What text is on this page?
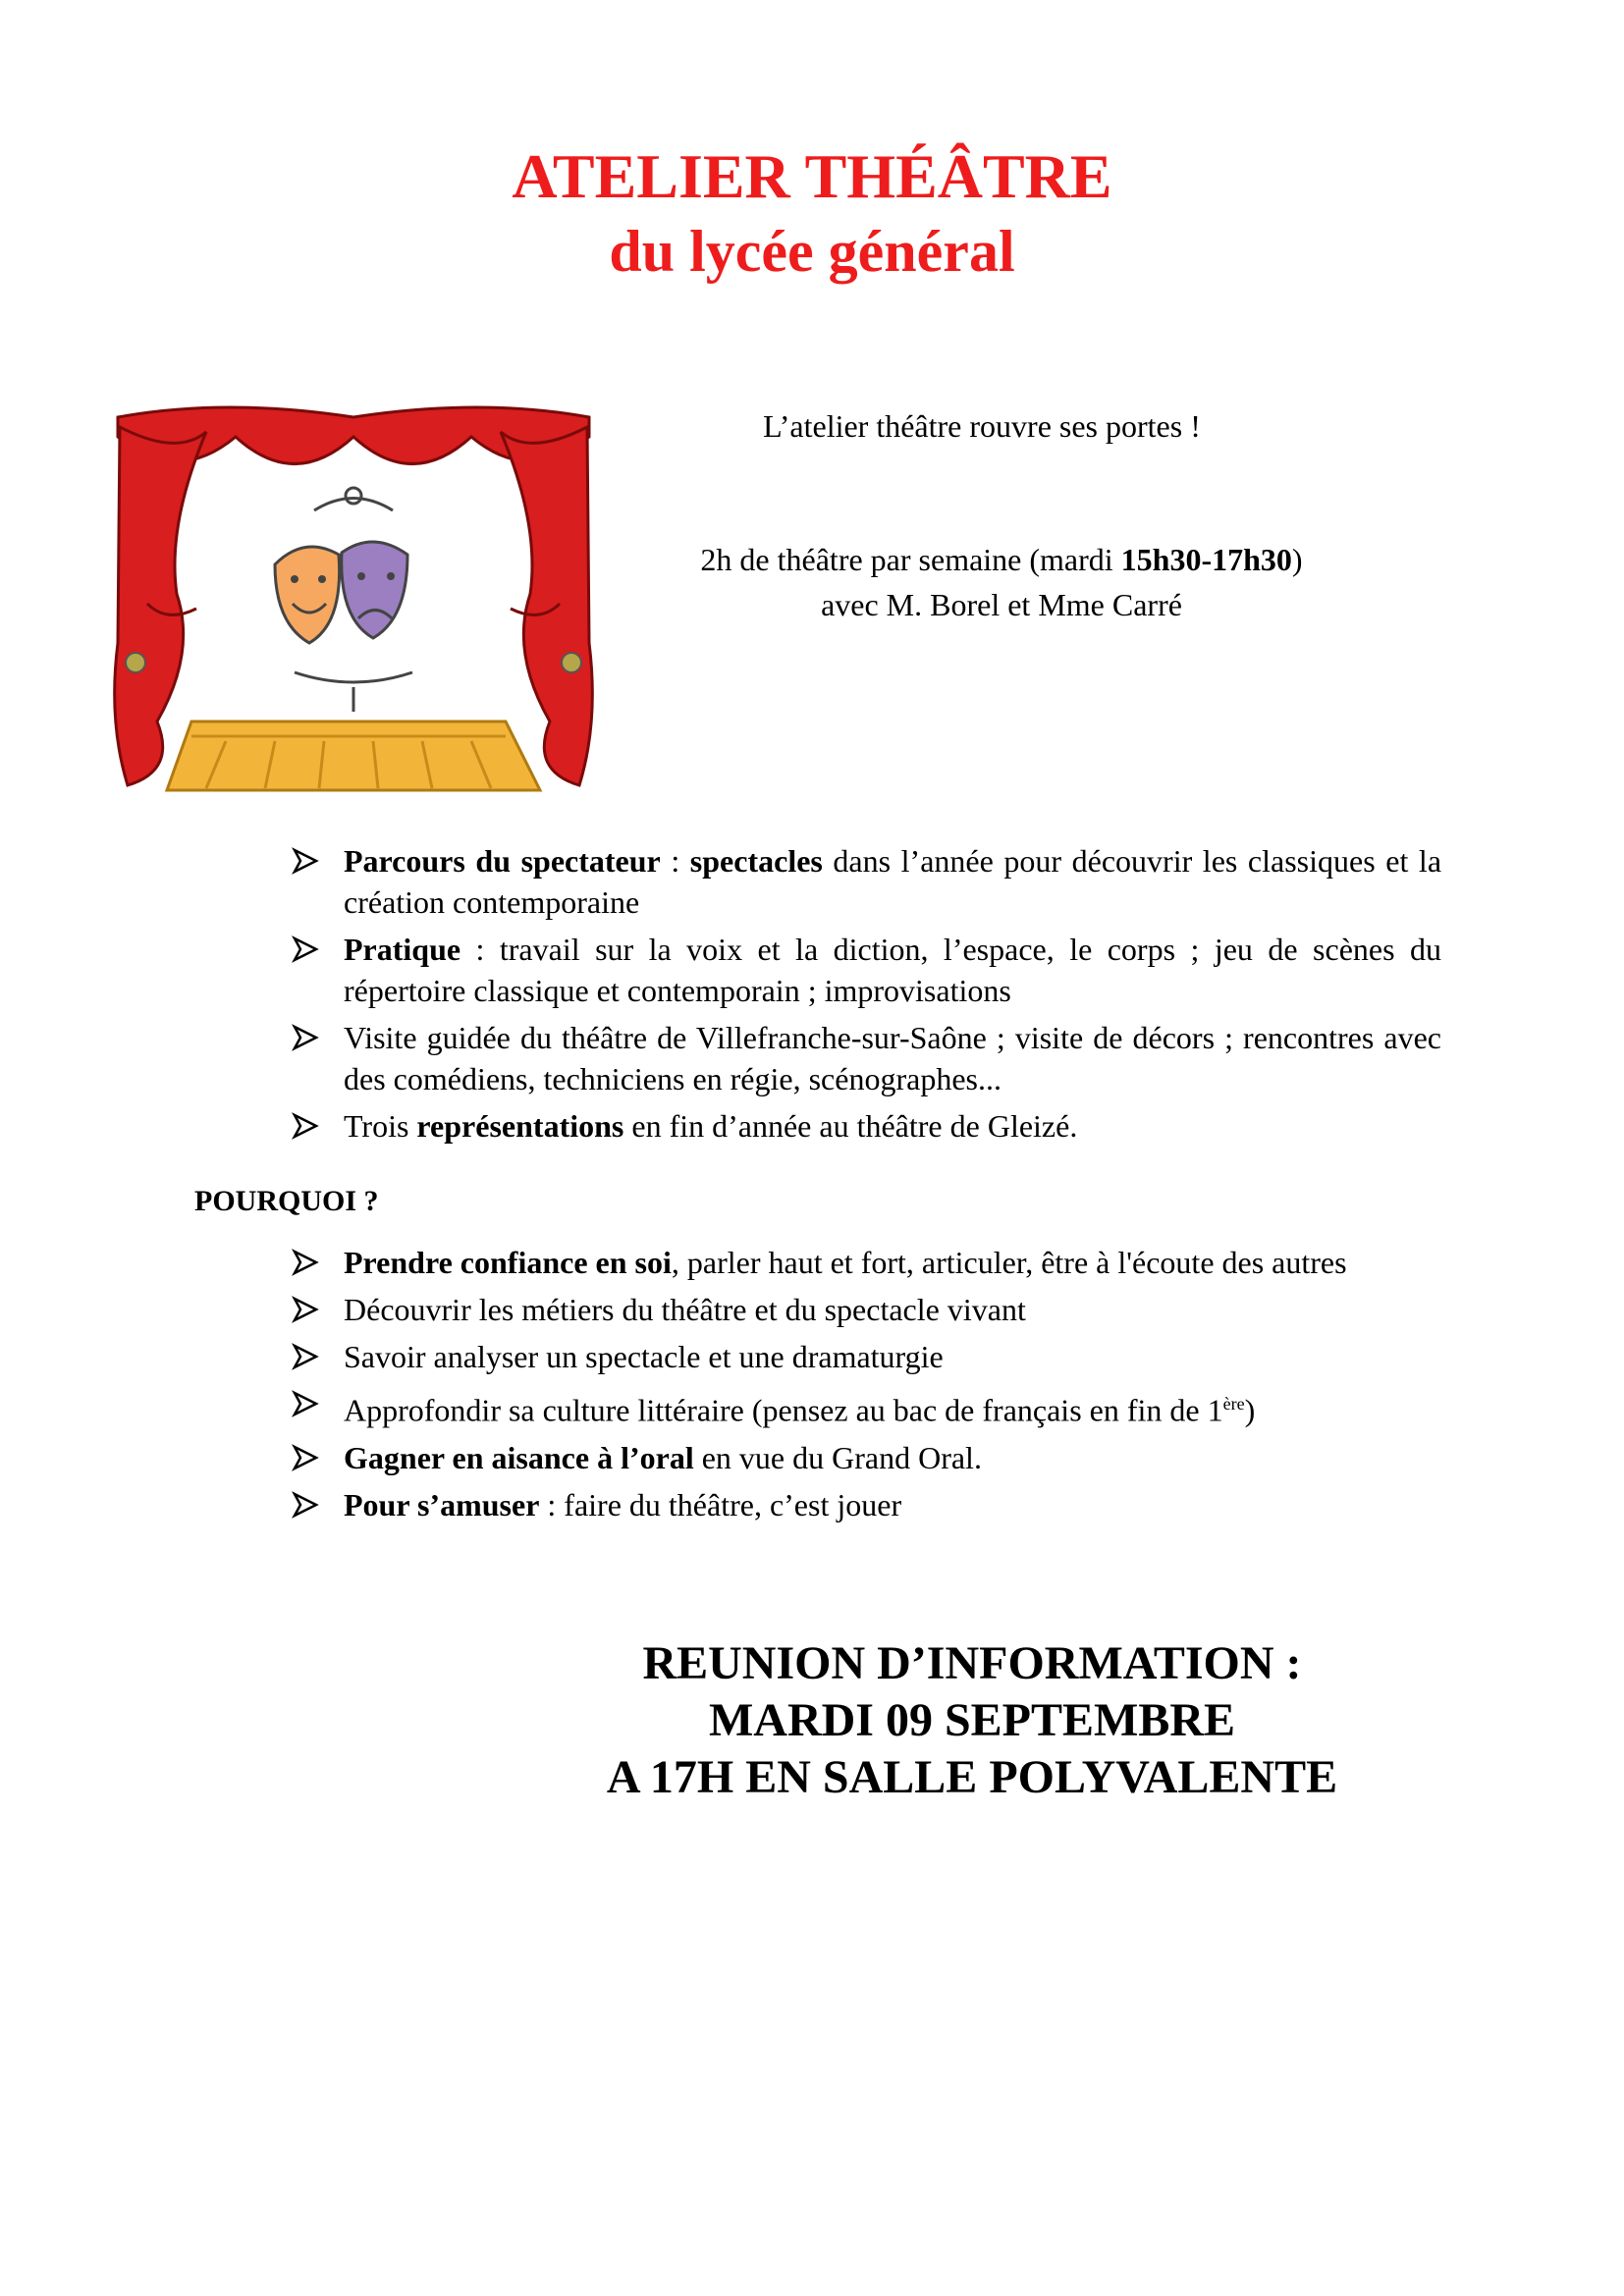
ATELIER THÉÂTRE
du lycée général
L’atelier théâtre rouvre ses portes !
2h de théâtre par semaine (mardi 15h30-17h30)
avec M. Borel et Mme Carré
Parcours du spectateur : spectacles dans l’année pour découvrir les classiques et la création contemporaine
Pratique : travail sur la voix et la diction, l’espace, le corps ; jeu de scènes du répertoire classique et contemporain ; improvisations
Visite guidée du théâtre de Villefranche-sur-Saône ; visite de décors ; rencontres avec des comédiens, techniciens en régie, scénographes...
Trois représentations en fin d’année au théâtre de Gleizé.
POURQUOI ?
Prendre confiance en soi, parler haut et fort, articuler, être à l'écoute des autres
Découvrir les métiers du théâtre et du spectacle vivant
Savoir analyser un spectacle et une dramaturgie
Approfondir sa culture littéraire (pensez au bac de français en fin de 1ère)
Gagner en aisance à l’oral en vue du Grand Oral.
Pour s’amuser : faire du théâtre, c’est jouer
REUNION D’INFORMATION :
MARDI 09 SEPTEMBRE
A 17H EN SALLE POLYVALENTE
